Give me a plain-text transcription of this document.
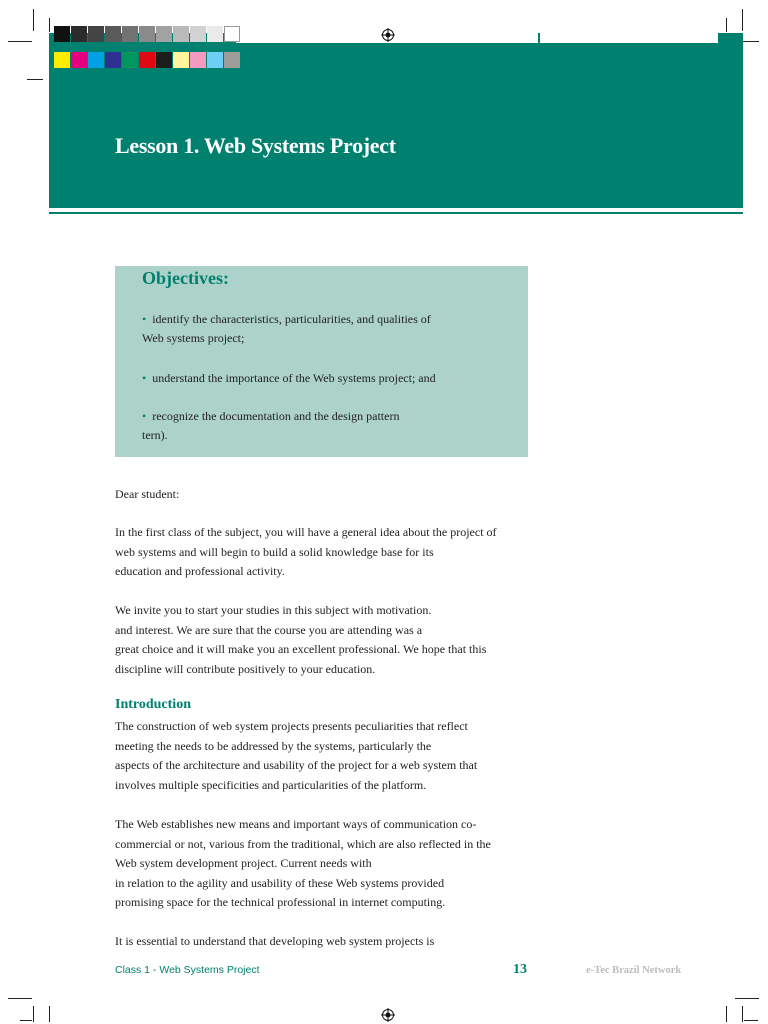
Lesson 1. Web Systems Project
Objectives:
• identify the characteristics, particularities, and qualities of
Web systems project;
• understand the importance of the Web systems project; and
• recognize the documentation and the design pattern
tern).

Dear student:

In the first class of the subject, you will have a general idea about the project of
web systems and will begin to build a solid knowledge base for its
education and professional activity.
We invite you to start your studies in this subject with motivation.
and interest. We are sure that the course you are attending was a
great choice and it will make you an excellent professional. We hope that this
discipline will contribute positively to your education.
Introduction
The construction of web system projects presents peculiarities that reflect
meeting the needs to be addressed by the systems, particularly the
aspects of the architecture and usability of the project for a web system that
involves multiple specificities and particularities of the platform.
The Web establishes new means and important ways of communication co-
commercial or not, various from the traditional, which are also reflected in the
Web system development project. Current needs with
in relation to the agility and usability of these Web systems provided
promising space for the technical professional in internet computing.
It is essential to understand that developing web system projects is
Class 1 - Web Systems Project	13	e-Tec Brazil Network
